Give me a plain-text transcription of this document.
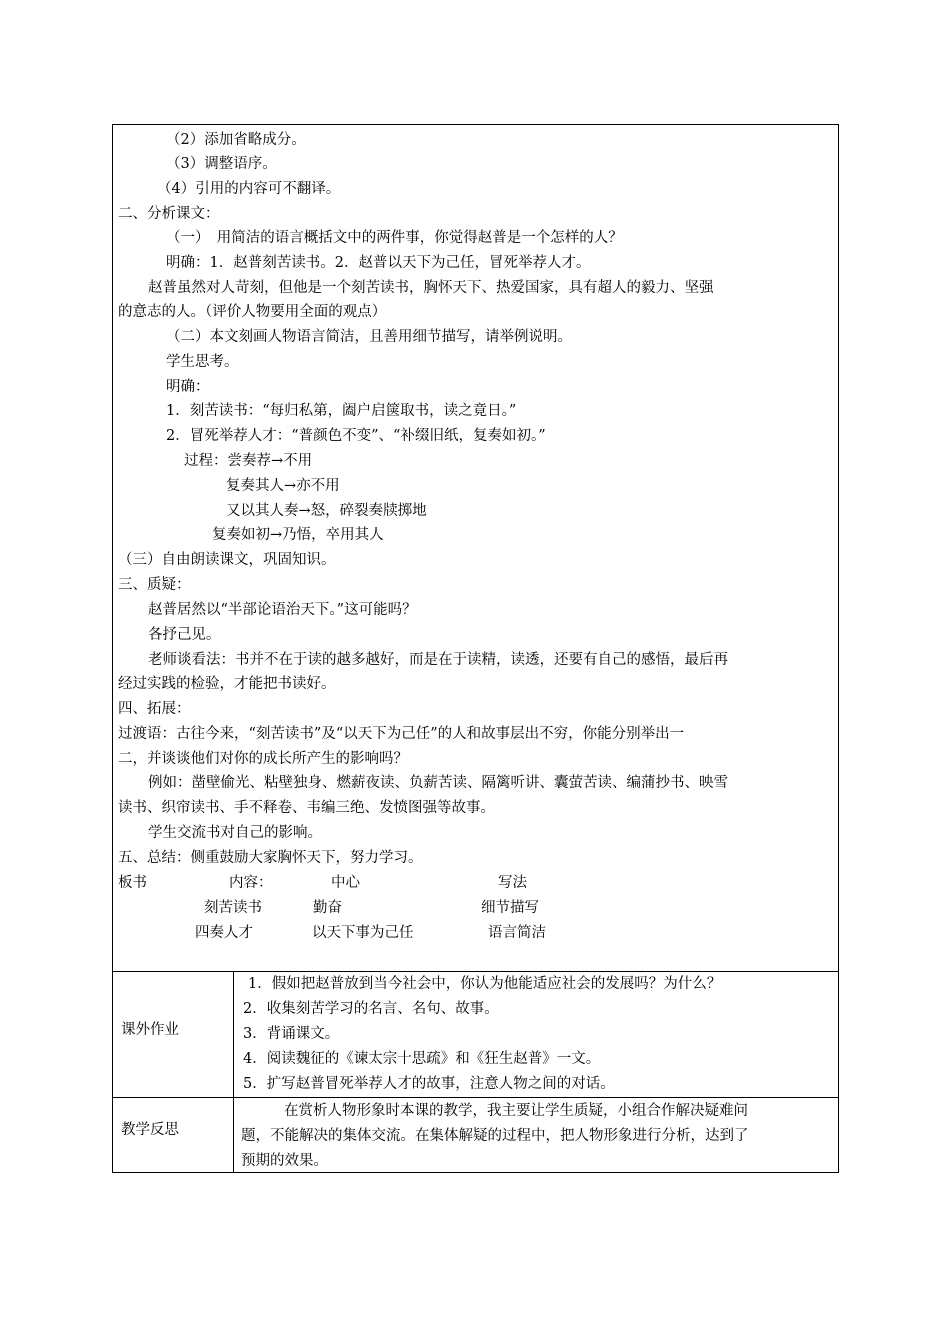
（2）添加省略成分。
（3）调整语序。
（4）引用的内容可不翻译。
二、分析课文：
（一）　用简洁的语言概括文中的两件事，你觉得赵普是一个怎样的人？
明确：1．赵普刻苦读书。2．赵普以天下为己任，冒死举荐人才。
赵普虽然对人苛刻，但他是一个刻苦读书，胸怀天下、热爱国家，具有超人的毅力、坚强
的意志的人。（评价人物要用全面的观点）
（二）本文刻画人物语言简洁，且善用细节描写，请举例说明。
学生思考。
明确：
1．刻苦读书：“每归私第，阖户启箧取书，读之竟日。”
2．冒死举荐人才：“普颜色不变”、“补缀旧纸，复奏如初。”
过程：尝奏荐→不用
复奏其人→亦不用
又以其人奏→怒，碎裂奏牍掷地
复奏如初→乃悟，卒用其人
（三）自由朗读课文，巩固知识。
三、质疑：
赵普居然以“半部论语治天下。”这可能吗？
各抒己见。
老师谈看法：书并不在于读的越多越好，而是在于读精，读透，还要有自己的感悟，最后再
经过实践的检验，才能把书读好。
四、拓展：
过渡语：古往今来，“刻苦读书”及“以天下为己任”的人和故事层出不穷，你能分别举出一
二，并谈谈他们对你的成长所产生的影响吗？
例如：凿壁偷光、粘壁独身、燃薪夜读、负薪苦读、隔篱听讲、囊萤苦读、编蒲抄书、映雪
读书、织帘读书、手不释卷、韦编三绝、发愤图强等故事。
学生交流书对自己的影响。
五、总结：侧重鼓励大家胸怀天下，努力学习。
板书	内容：	中心	写法
刻苦读书	勤奋	细节描写
四奏人才	以天下事为己任	语言简洁
课外作业
1．假如把赵普放到当今社会中，你认为他能适应社会的发展吗？为什么？
2．收集刻苦学习的名言、名句、故事。
3．背诵课文。
4．阅读魏征的《谏太宗十思疏》和《狂生赵普》一文。
5．扩写赵普冒死举荐人才的故事，注意人物之间的对话。
教学反思
在赏析人物形象时本课的教学，我主要让学生质疑，小组合作解决疑难问
题，不能解决的集体交流。在集体解疑的过程中，把人物形象进行分析，达到了
预期的效果。
